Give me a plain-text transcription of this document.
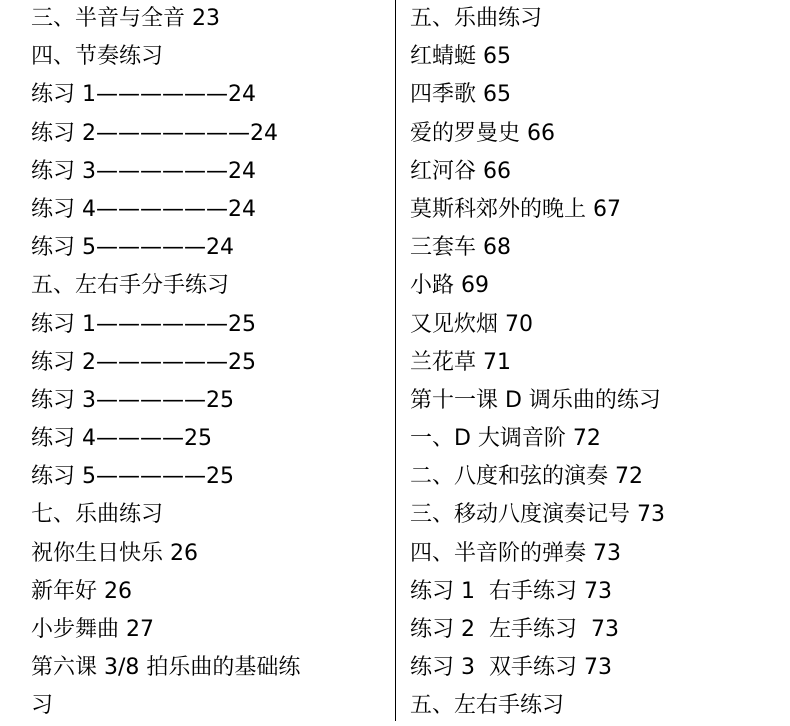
三、半音与全音 23
四、节奏练习
练习 1——————24
练习 2———————24
练习 3——————24
练习 4——————24
练习 5—————24
五、左右手分手练习
练习 1——————25
练习 2——————25
练习 3—————25
练习 4————25
练习 5—————25
七、乐曲练习
祝你生日快乐 26
新年好 26
小步舞曲 27
第六课 3/8 拍乐曲的基础练
习
五、乐曲练习
红蜻蜓 65
四季歌 65
爱的罗曼史 66
红河谷 66
莫斯科郊外的晚上 67
三套车 68
小路 69
又见炊烟 70
兰花草 71
第十一课 D 调乐曲的练习
一、D 大调音阶 72
二、八度和弦的演奏 72
三、移动八度演奏记号 73
四、半音阶的弹奏 73
练习 1  右手练习 73
练习 2  左手练习  73
练习 3  双手练习 73
五、左右手练习
